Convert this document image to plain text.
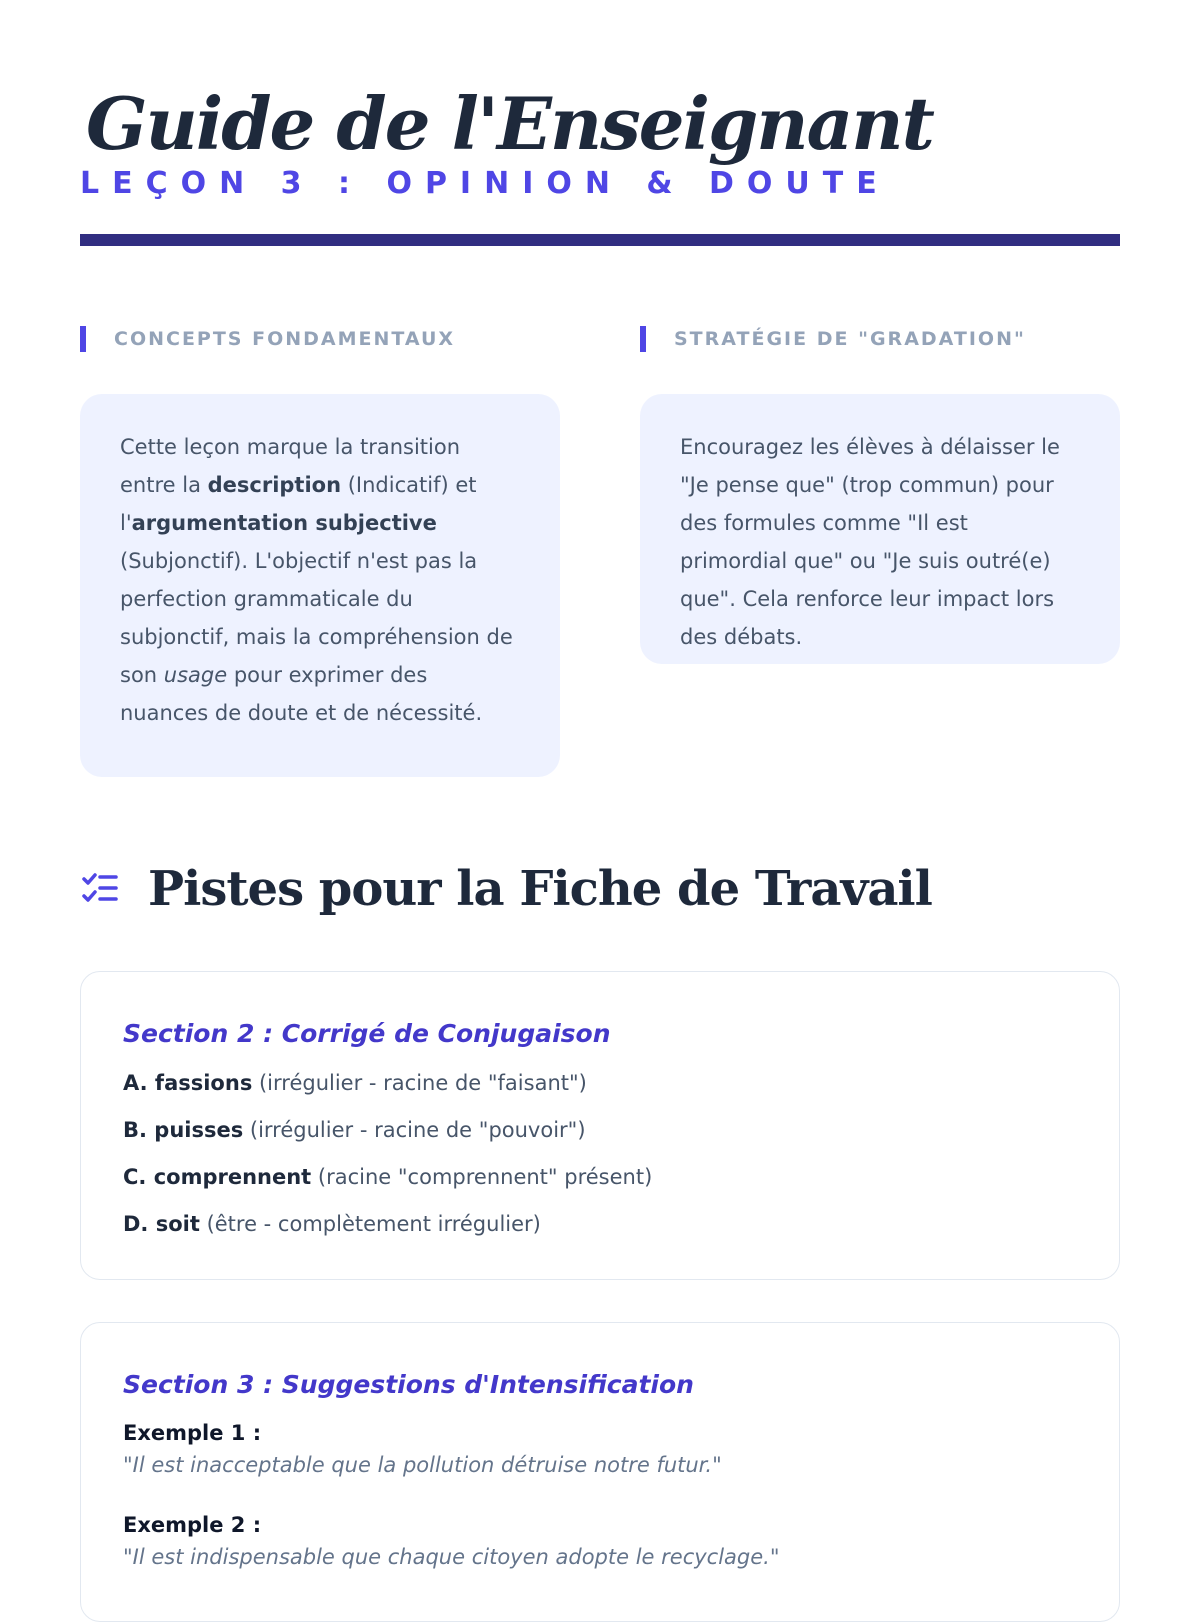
Guide de l'Enseignant
LEÇON 3 : OPINION & DOUTE
CONCEPTS FONDAMENTAUX	STRATÉGIE DE "GRADATION"
Cette leçon marque la transition entre la description (Indicatif) et l'argumentation subjective (Subjonctif). L'objectif n'est pas la perfection grammaticale du subjonctif, mais la compréhension de son usage pour exprimer des nuances de doute et de nécessité.
Encouragez les élèves à délaisser le "Je pense que" (trop commun) pour des formules comme "Il est primordial que" ou "Je suis outré(e) que". Cela renforce leur impact lors des débats.
Pistes pour la Fiche de Travail
Section 2 : Corrigé de Conjugaison
A. fassions (irrégulier - racine de "faisant")
B. puisses (irrégulier - racine de "pouvoir")
C. comprennent (racine "comprennent" présent)
D. soit (être - complètement irrégulier)
Section 3 : Suggestions d'Intensification
Exemple 1 :
"Il est inacceptable que la pollution détruise notre futur."
Exemple 2 :
"Il est indispensable que chaque citoyen adopte le recyclage."
